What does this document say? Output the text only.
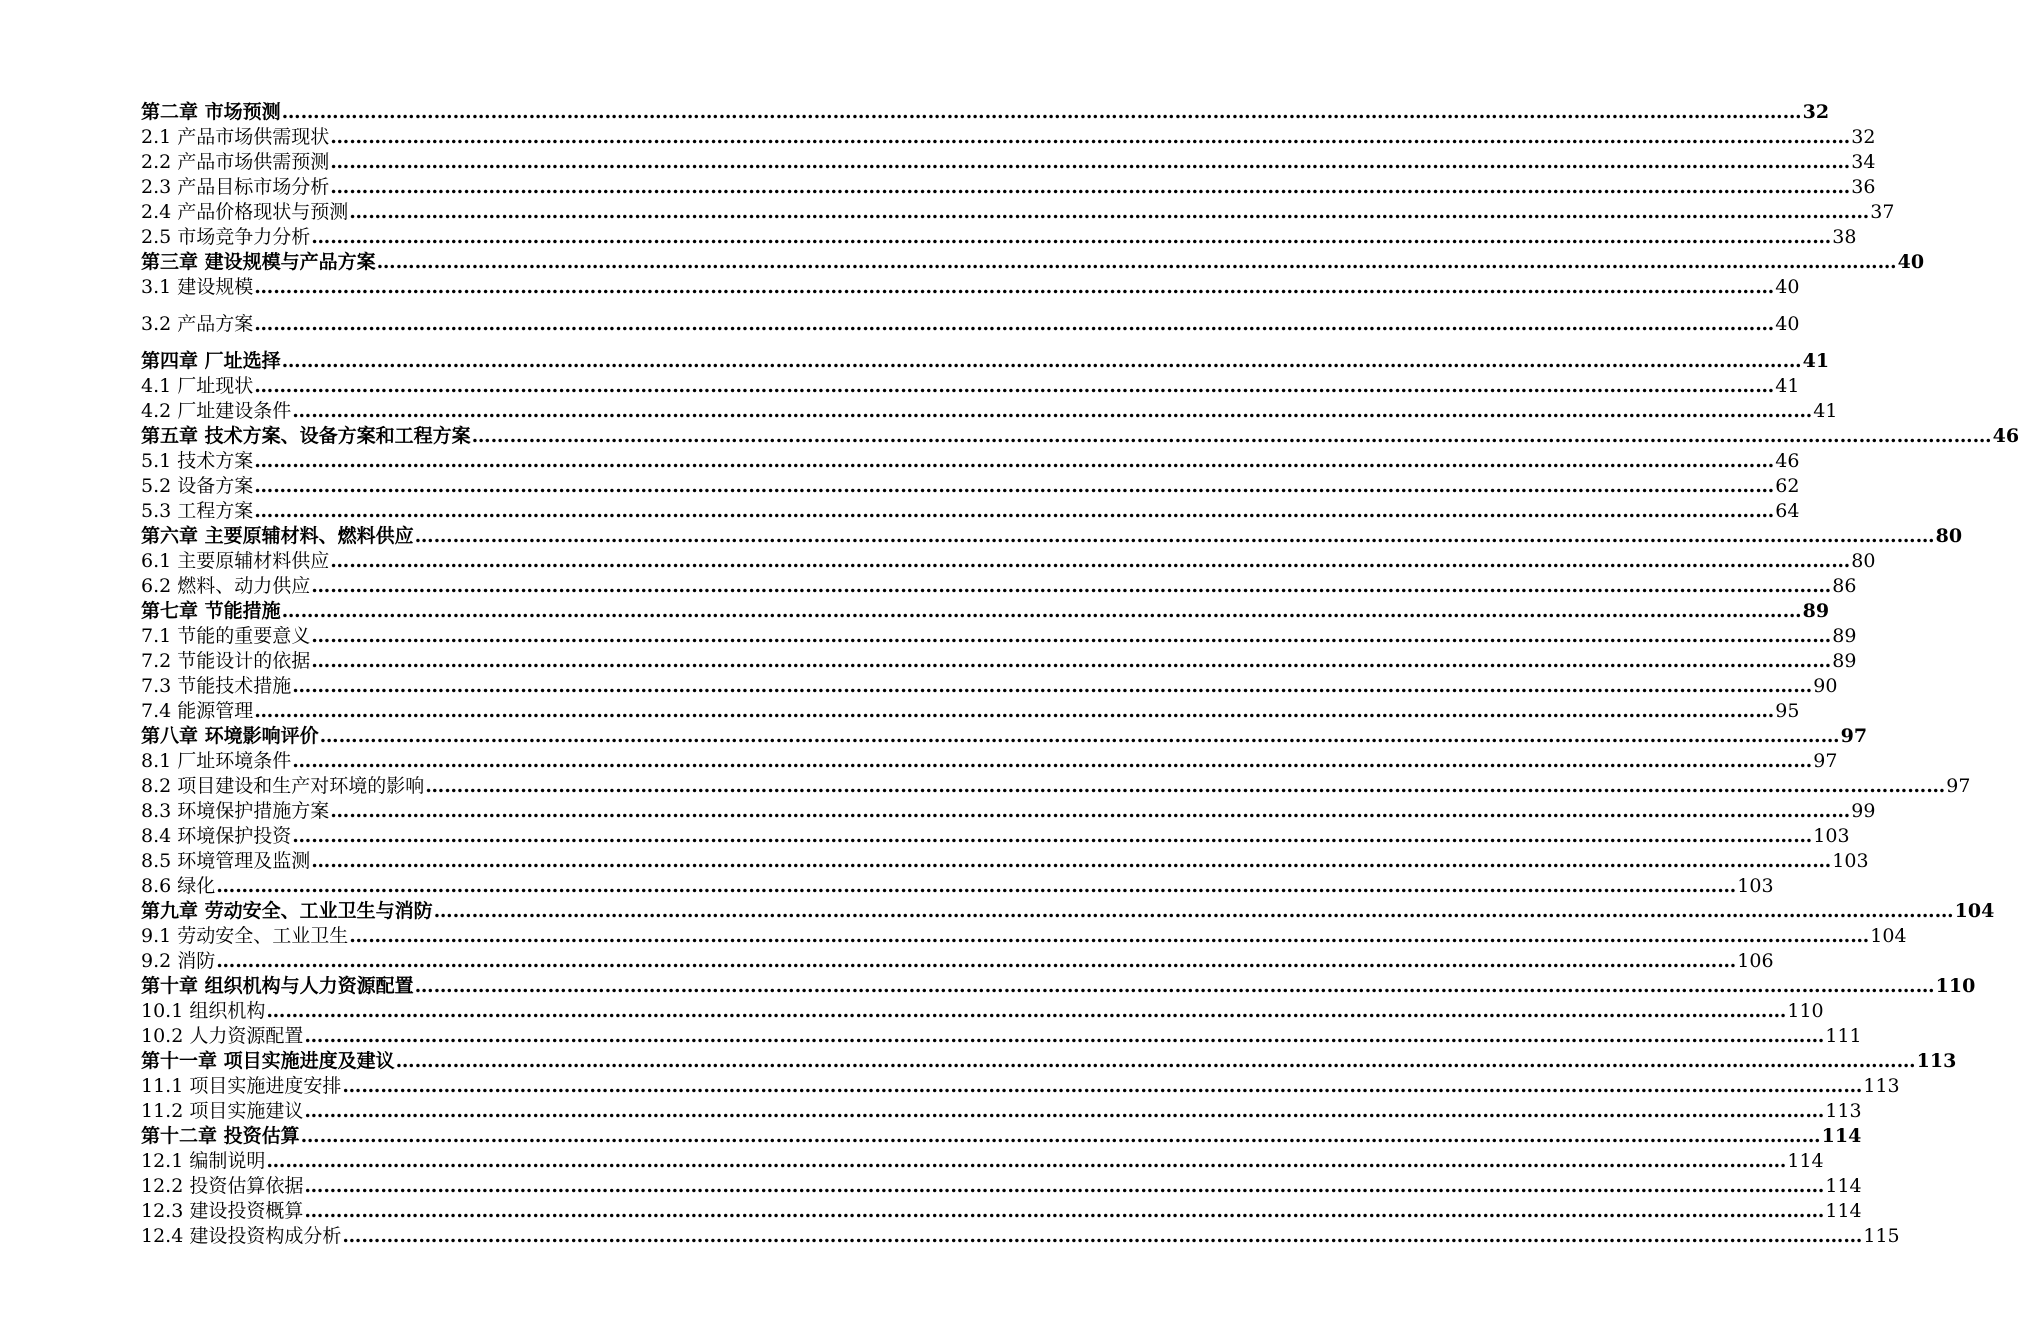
第二章 市场预测 …………………………………………………………………………………………………………………………………………………………………………………………………………………… 32
2.1 产品市场供需现状 …………………………………………………………………………………………………………………………………………………………………………………………………………………… 32
2.2 产品市场供需预测 …………………………………………………………………………………………………………………………………………………………………………………………………………………… 34
2.3 产品目标市场分析 …………………………………………………………………………………………………………………………………………………………………………………………………………………… 36
2.4 产品价格现状与预测 …………………………………………………………………………………………………………………………………………………………………………………………………………………… 37
2.5 市场竞争力分析 …………………………………………………………………………………………………………………………………………………………………………………………………………………… 38
第三章 建设规模与产品方案 …………………………………………………………………………………………………………………………………………………………………………………………………………………… 40
3.1 建设规模 …………………………………………………………………………………………………………………………………………………………………………………………………………………… 40
3.2 产品方案 …………………………………………………………………………………………………………………………………………………………………………………………………………………… 40
第四章 厂址选择 …………………………………………………………………………………………………………………………………………………………………………………………………………………… 41
4.1 厂址现状 …………………………………………………………………………………………………………………………………………………………………………………………………………………… 41
4.2 厂址建设条件 …………………………………………………………………………………………………………………………………………………………………………………………………………………… 41
第五章 技术方案、设备方案和工程方案 …………………………………………………………………………………………………………………………………………………………………………………………………………………… 46
5.1 技术方案 …………………………………………………………………………………………………………………………………………………………………………………………………………………… 46
5.2 设备方案 …………………………………………………………………………………………………………………………………………………………………………………………………………………… 62
5.3 工程方案 …………………………………………………………………………………………………………………………………………………………………………………………………………………… 64
第六章 主要原辅材料、燃料供应 …………………………………………………………………………………………………………………………………………………………………………………………………………………… 80
6.1 主要原辅材料供应 …………………………………………………………………………………………………………………………………………………………………………………………………………………… 80
6.2 燃料、动力供应 …………………………………………………………………………………………………………………………………………………………………………………………………………………… 86
第七章 节能措施 …………………………………………………………………………………………………………………………………………………………………………………………………………………… 89
7.1 节能的重要意义 …………………………………………………………………………………………………………………………………………………………………………………………………………………… 89
7.2 节能设计的依据 …………………………………………………………………………………………………………………………………………………………………………………………………………………… 89
7.3 节能技术措施 …………………………………………………………………………………………………………………………………………………………………………………………………………………… 90
7.4 能源管理 …………………………………………………………………………………………………………………………………………………………………………………………………………………… 95
第八章 环境影响评价 …………………………………………………………………………………………………………………………………………………………………………………………………………………… 97
8.1 厂址环境条件 …………………………………………………………………………………………………………………………………………………………………………………………………………………… 97
8.2 项目建设和生产对环境的影响 …………………………………………………………………………………………………………………………………………………………………………………………………………………… 97
8.3 环境保护措施方案 …………………………………………………………………………………………………………………………………………………………………………………………………………………… 99
8.4 环境保护投资 …………………………………………………………………………………………………………………………………………………………………………………………………………………… 103
8.5 环境管理及监测 …………………………………………………………………………………………………………………………………………………………………………………………………………………… 103
8.6 绿化 …………………………………………………………………………………………………………………………………………………………………………………………………………………… 103
第九章 劳动安全、工业卫生与消防 …………………………………………………………………………………………………………………………………………………………………………………………………………………… 104
9.1 劳动安全、工业卫生 …………………………………………………………………………………………………………………………………………………………………………………………………………………… 104
9.2 消防 …………………………………………………………………………………………………………………………………………………………………………………………………………………… 106
第十章 组织机构与人力资源配置 …………………………………………………………………………………………………………………………………………………………………………………………………………………… 110
10.1 组织机构 …………………………………………………………………………………………………………………………………………………………………………………………………………………… 110
10.2 人力资源配置 …………………………………………………………………………………………………………………………………………………………………………………………………………………… 111
第十一章 项目实施进度及建议 …………………………………………………………………………………………………………………………………………………………………………………………………………………… 113
11.1 项目实施进度安排 …………………………………………………………………………………………………………………………………………………………………………………………………………………… 113
11.2 项目实施建议 …………………………………………………………………………………………………………………………………………………………………………………………………………………… 113
第十二章 投资估算 …………………………………………………………………………………………………………………………………………………………………………………………………………………… 114
12.1 编制说明 …………………………………………………………………………………………………………………………………………………………………………………………………………………… 114
12.2 投资估算依据 …………………………………………………………………………………………………………………………………………………………………………………………………………………… 114
12.3 建设投资概算 …………………………………………………………………………………………………………………………………………………………………………………………………………………… 114
12.4 建设投资构成分析 …………………………………………………………………………………………………………………………………………………………………………………………………………………… 115
